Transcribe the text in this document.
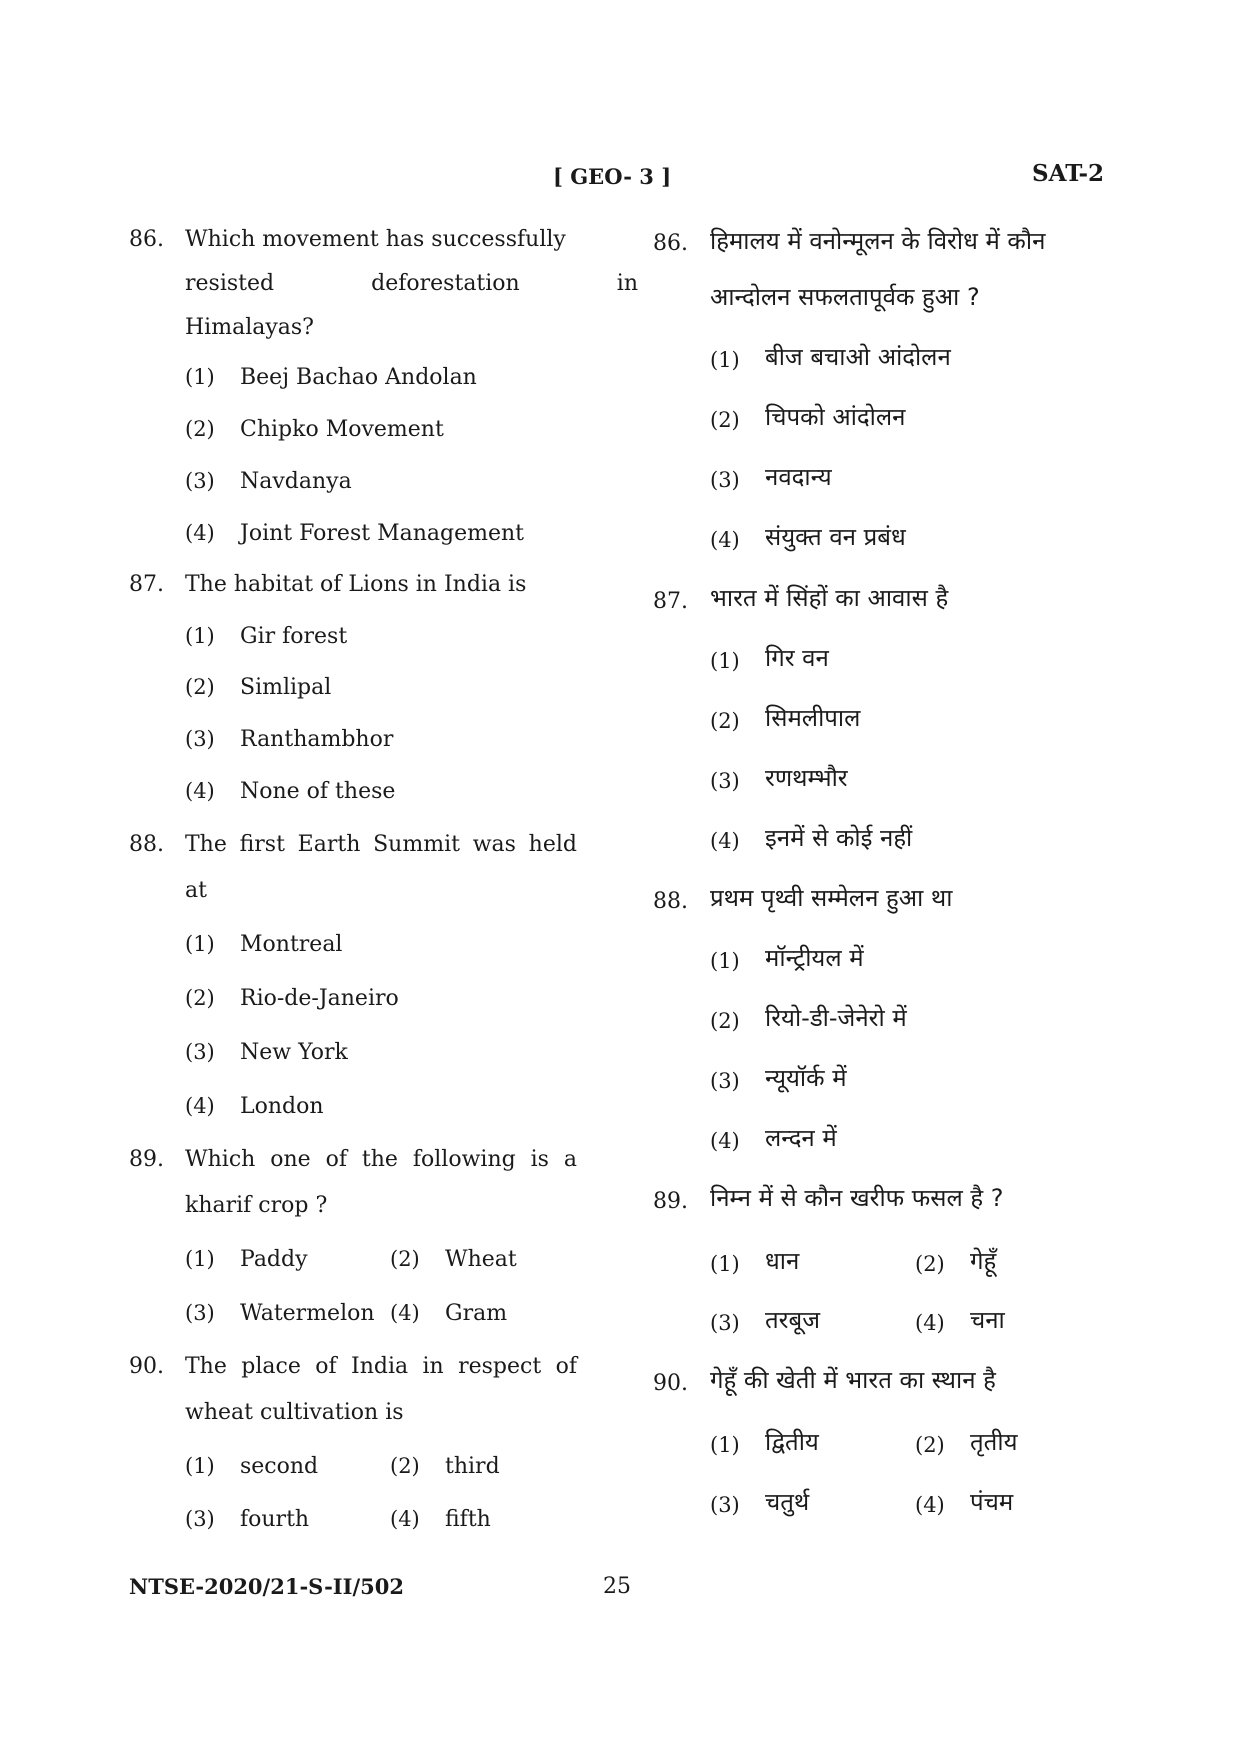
[ GEO- 3 ]	SAT-2
86. Which movement has successfully
resisted	deforestation	in
Himalayas?
(1) Beej Bachao Andolan
(2) Chipko Movement
(3) Navdanya
(4) Joint Forest Management
87. The habitat of Lions in India is
(1) Gir forest
(2) Simlipal
(3) Ranthambhor
(4) None of these
88. The first Earth Summit was held
at
(1) Montreal
(2) Rio-de-Janeiro
(3) New York
(4) London
89. Which one of the following is a
kharif crop ?
(1) Paddy	(2) Wheat
(3) Watermelon (4) Gram
90. The place of India in respect of
wheat cultivation is
(1) second	(2) third
(3) fourth	(4) fifth
86. हिमालय में वनोन्मूलन के विरोध में कौन
आन्दोलन सफलतापूर्वक हुआ ?
(1) बीज बचाओ आंदोलन
(2) चिपको आंदोलन
(3) नवदान्य
(4) संयुक्त वन प्रबंध
87. भारत में सिंहों का आवास है
(1) गिर वन
(2) सिमलीपाल
(3) रणथम्भौर
(4) इनमें से कोई नहीं
88. प्रथम पृथ्वी सम्मेलन हुआ था
(1) मॉन्ट्रीयल में
(2) रियो-डी-जेनेरो में
(3) न्यूयॉर्क में
(4) लन्दन में
89. निम्न में से कौन खरीफ फसल है ?
(1) धान	(2) गेहूँ
(3) तरबूज	(4) चना
90. गेहूँ की खेती में भारत का स्थान है
(1) द्वितीय	(2) तृतीय
(3) चतुर्थ	(4) पंचम
NTSE-2020/21-S-II/502	25
